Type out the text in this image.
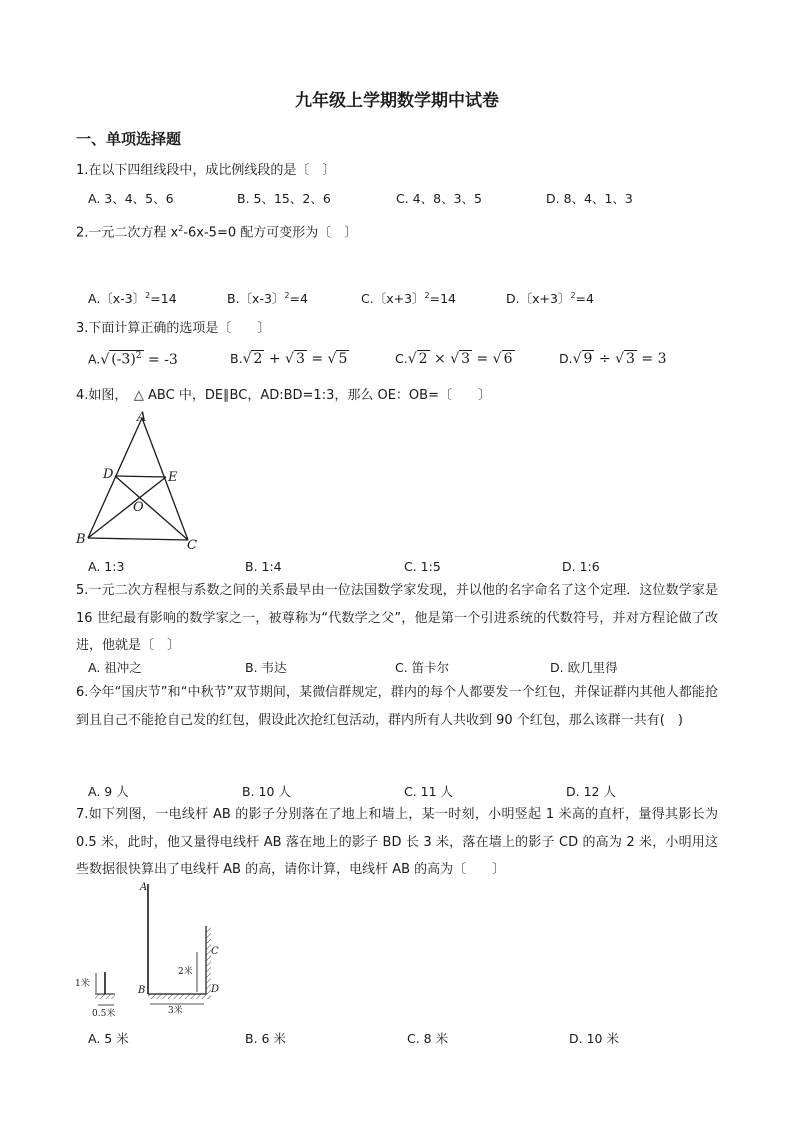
九年级上学期数学期中试卷
一、单项选择题
1.在以下四组线段中，成比例线段的是〔　〕
A. 3、4、5、6	B. 5、15、2、6	C. 4、8、3、5	D. 8、4、1、3
2.一元二次方程 $x^2-6x-5=0$ 配方可变形为〔　〕
A.〔x-3〕$^2$=14	B.〔x-3〕$^2$=4	C.〔x+3〕$^2$=14	D.〔x+3〕$^2$=4
3.下面计算正确的选项是〔　　〕
A.√ $(-3)^2 = -3$	B.√ 2 + √ 3 = √ 5	C.√ 2 × √ 3 = √ 6	D.√ 9 ÷ √ 3 = 3
4.如图，　△ ABC 中，DE∥BC，AD:BD=1:3，那么 OE：OB=〔　　〕
A
D	E
O
B	C
A. 1:3	B. 1:4	C. 1:5	D. 1:6
5.一元二次方程根与系数之间的关系最早由一位法国数学家发现，并以他的名字命名了这个定理．这位数学家是 16 世纪最有影响的数学家之一，被尊称为“代数学之父”，他是第一个引进系统的代数符号，并对方程论做了改进，他就是〔　〕
A. 祖冲之	B. 韦达	C. 笛卡尔	D. 欧几里得
6.今年“国庆节”和“中秋节”双节期间，某微信群规定，群内的每个人都要发一个红包，并保证群内其他人都能抢到且自己不能抢自己发的红包，假设此次抢红包活动，群内所有人共收到 90 个红包，那么该群一共有(　)
A. 9 人	B. 10 人	C. 11 人	D. 12 人
7.如下列图，一电线杆 AB 的影子分别落在了地上和墙上，某一时刻，小明竖起 1 米高的直杆，量得其影长为 0.5 米，此时，他又量得电线杆 AB 落在地上的影子 BD 长 3 米，落在墙上的影子 CD 的高为 2 米，小明用这些数据很快算出了电线杆 AB 的高，请你计算，电线杆 AB 的高为〔　　〕
A
B
C
D
1米
0.5米
2米
3米
A. 5 米	B. 6 米	C. 8 米	D. 10 米
